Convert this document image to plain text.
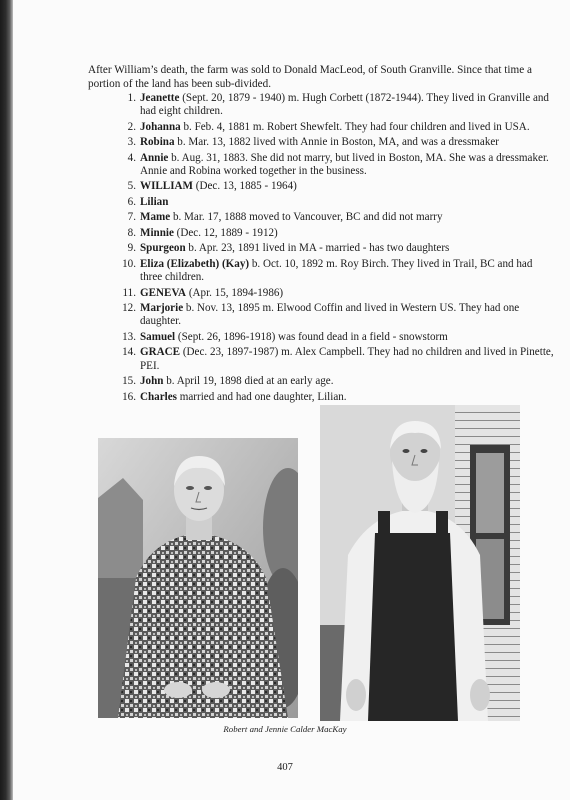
After William’s death, the farm was sold to Donald MacLeod, of South Granville. Since that time a portion of the land has been sub-divided.

1. Jeanette (Sept. 20, 1879 - 1940) m. Hugh Corbett (1872-1944). They lived in Granville and had eight children.
2. Johanna b. Feb. 4, 1881 m. Robert Shewfelt. They had four children and lived in USA.
3. Robina b. Mar. 13, 1882 lived with Annie in Boston, MA, and was a dressmaker
4. Annie b. Aug. 31, 1883. She did not marry, but lived in Boston, MA. She was a dressmaker. Annie and Robina worked together in the business.
5. WILLIAM (Dec. 13, 1885 - 1964)
6. Lilian
7. Mame b. Mar. 17, 1888 moved to Vancouver, BC and did not marry
8. Minnie (Dec. 12, 1889 - 1912)
9. Spurgeon b. Apr. 23, 1891 lived in MA - married - has two daughters
10. Eliza (Elizabeth) (Kay) b. Oct. 10, 1892 m. Roy Birch. They lived in Trail, BC and had three children.
11. GENEVA (Apr. 15, 1894-1986)
12. Marjorie b. Nov. 13, 1895 m. Elwood Coffin and lived in Western US. They had one daughter.
13. Samuel (Sept. 26, 1896-1918) was found dead in a field - snowstorm
14. GRACE (Dec. 23, 1897-1987) m. Alex Campbell. They had no children and lived in Pinette, PEI.
15. John b. April 19, 1898 died at an early age.
16. Charles married and had one daughter, Lilian.

Robert and Jennie Calder MacKay

407
